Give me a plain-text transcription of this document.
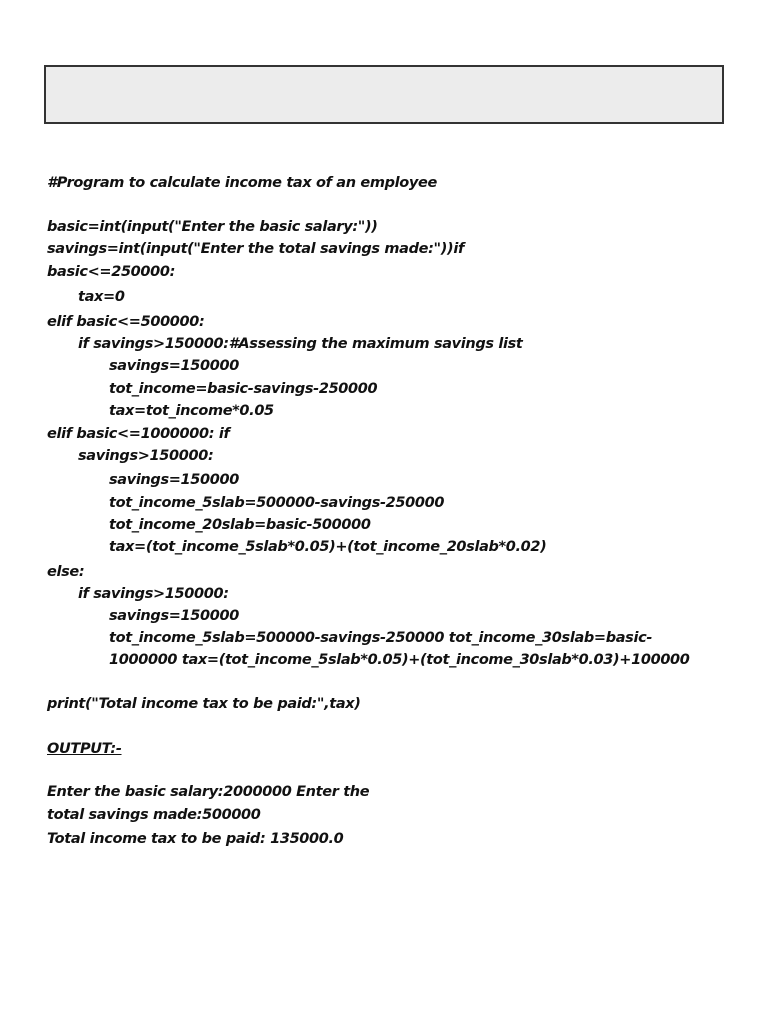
#Program to calculate income tax of an employee
basic=int(input("Enter the basic salary:"))
savings=int(input("Enter the total savings made:"))if
basic<=250000:
tax=0
elif basic<=500000:
if savings>150000:#Assessing the maximum savings list
savings=150000
tot_income=basic-savings-250000
tax=tot_income*0.05
elif basic<=1000000: if
savings>150000:
savings=150000
tot_income_5slab=500000-savings-250000
tot_income_20slab=basic-500000
tax=(tot_income_5slab*0.05)+(tot_income_20slab*0.02)
else:
if savings>150000:
savings=150000
tot_income_5slab=500000-savings-250000 tot_income_30slab=basic-
1000000 tax=(tot_income_5slab*0.05)+(tot_income_30slab*0.03)+100000
print("Total income tax to be paid:",tax)
OUTPUT:-
Enter the basic salary:2000000 Enter the
total savings made:500000
Total income tax to be paid: 135000.0
